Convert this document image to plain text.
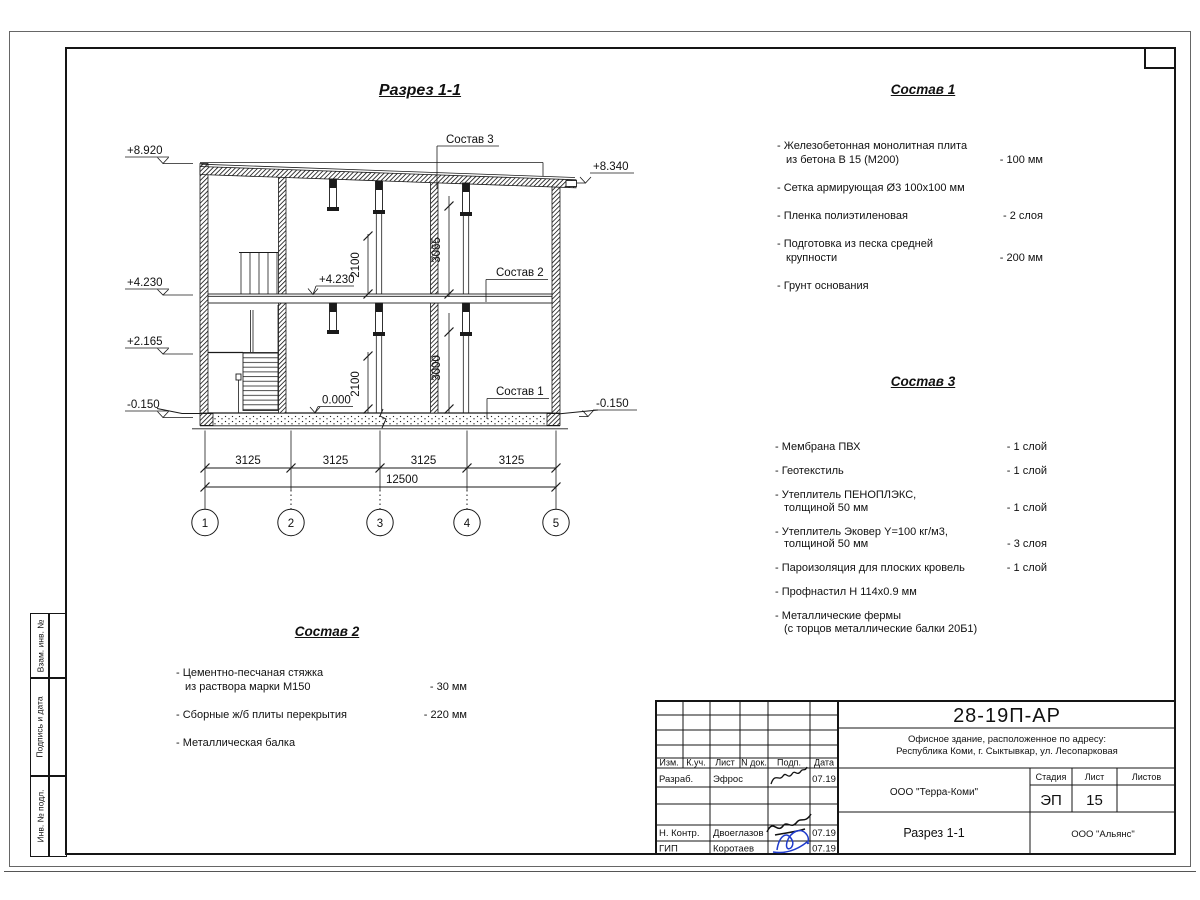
2100
3065
2100
3000
+4.230
0.000
+8.920
+4.230
+2.165
-0.150
+8.340
-0.150
Состав 3
Состав 2
Состав 1
3125	3125	3125	3125
12500
1	2	3	4	5
Разрез 1-1	Состав 1
- Железобетонная монолитная плита
из бетона В 15 (М200)	- 100 мм
- Сетка армирующая Ø3 100х100 мм
- Пленка полиэтиленовая	- 2 слоя
- Подготовка из песка средней
крупности	- 200 мм
- Грунт основания
Состав 3
- Мембрана ПВХ	- 1 слой
- Геотекстиль	- 1 слой
- Утеплитель ПЕНОПЛЭКС,
толщиной 50 мм	- 1 слой
- Утеплитель Эковер Y=100 кг/м3,
толщиной 50 мм	- 3 слоя
- Пароизоляция для плоских кровель	- 1 слой
- Профнастил Н 114х0.9 мм
- Металлические фермы
(с торцов металлические балки 20Б1)
Состав 2
- Цементно-песчаная стяжка
из раствора марки М150	- 30 мм
- Сборные ж/б плиты перекрытия	- 220 мм
- Металлическая балка
Взам. инв. №
Подпись и дата
Инв. № подл.
Изм. К.уч. Лист N док. Подп. Дата
Разраб. Эфрос	07.19
Н. Контр. Двоеглазов	07.19
ГИП	Коротаев	07.19
28-19П-АР
Офисное здание, расположенное по адресу:
Республика Коми, г. Сыктывкар, ул. Лесопарковая
ООО "Терра-Коми"
Стадия Лист	Листов
ЭП 15
Разрез 1-1	ООО "Альянс"
